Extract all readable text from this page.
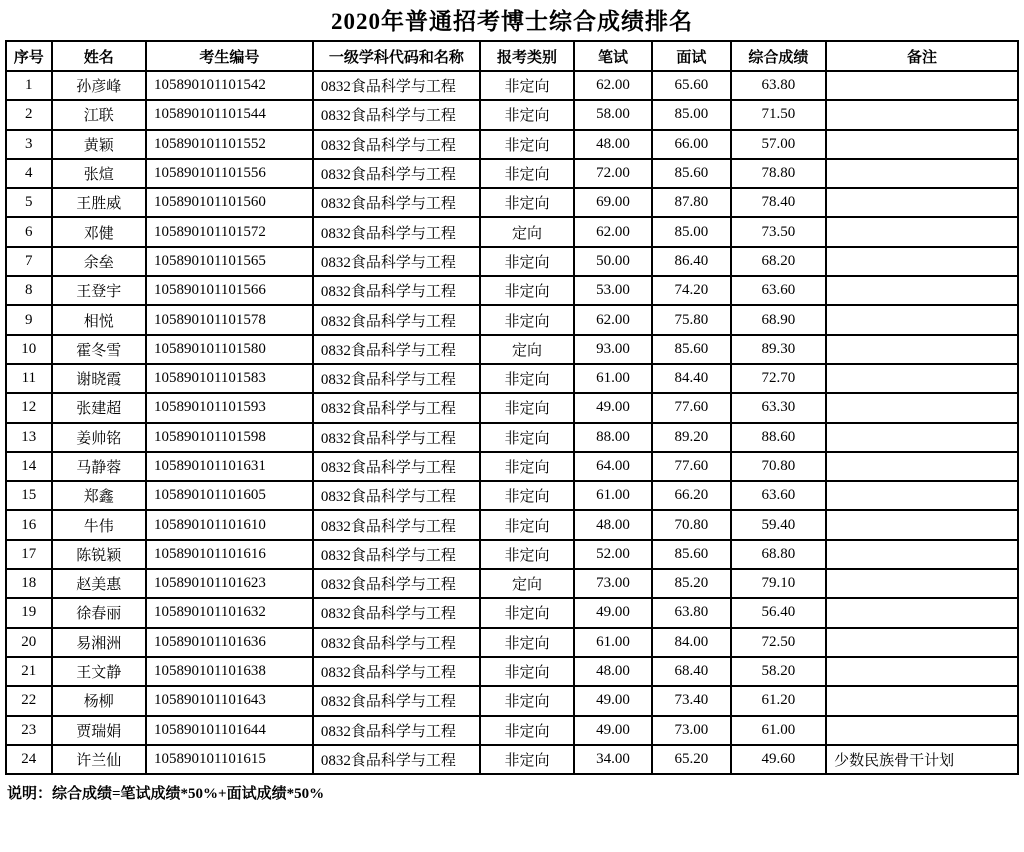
2020年普通招考博士综合成绩排名
序号	姓名	考生编号	一级学科代码和名称	报考类别	笔试	面试	综合成绩	备注
1	孙彦峰	105890101101542	0832食品科学与工程	非定向	62.00	65.60	63.80	
2	江联	105890101101544	0832食品科学与工程	非定向	58.00	85.00	71.50	
3	黄颖	105890101101552	0832食品科学与工程	非定向	48.00	66.00	57.00	
4	张煊	105890101101556	0832食品科学与工程	非定向	72.00	85.60	78.80	
5	王胜威	105890101101560	0832食品科学与工程	非定向	69.00	87.80	78.40	
6	邓健	105890101101572	0832食品科学与工程	定向	62.00	85.00	73.50	
7	余垒	105890101101565	0832食品科学与工程	非定向	50.00	86.40	68.20	
8	王登宇	105890101101566	0832食品科学与工程	非定向	53.00	74.20	63.60	
9	相悦	105890101101578	0832食品科学与工程	非定向	62.00	75.80	68.90	
10	霍冬雪	105890101101580	0832食品科学与工程	定向	93.00	85.60	89.30	
11	谢晓霞	105890101101583	0832食品科学与工程	非定向	61.00	84.40	72.70	
12	张建超	105890101101593	0832食品科学与工程	非定向	49.00	77.60	63.30	
13	姜帅铭	105890101101598	0832食品科学与工程	非定向	88.00	89.20	88.60	
14	马静蓉	105890101101631	0832食品科学与工程	非定向	64.00	77.60	70.80	
15	郑鑫	105890101101605	0832食品科学与工程	非定向	61.00	66.20	63.60	
16	牛伟	105890101101610	0832食品科学与工程	非定向	48.00	70.80	59.40	
17	陈锐颖	105890101101616	0832食品科学与工程	非定向	52.00	85.60	68.80	
18	赵美惠	105890101101623	0832食品科学与工程	定向	73.00	85.20	79.10	
19	徐春丽	105890101101632	0832食品科学与工程	非定向	49.00	63.80	56.40	
20	易湘洲	105890101101636	0832食品科学与工程	非定向	61.00	84.00	72.50	
21	王文静	105890101101638	0832食品科学与工程	非定向	48.00	68.40	58.20	
22	杨柳	105890101101643	0832食品科学与工程	非定向	49.00	73.40	61.20	
23	贾瑞娟	105890101101644	0832食品科学与工程	非定向	49.00	73.00	61.00	
24	许兰仙	105890101101615	0832食品科学与工程	非定向	34.00	65.20	49.60	少数民族骨干计划
说明：综合成绩=笔试成绩*50%+面试成绩*50%
